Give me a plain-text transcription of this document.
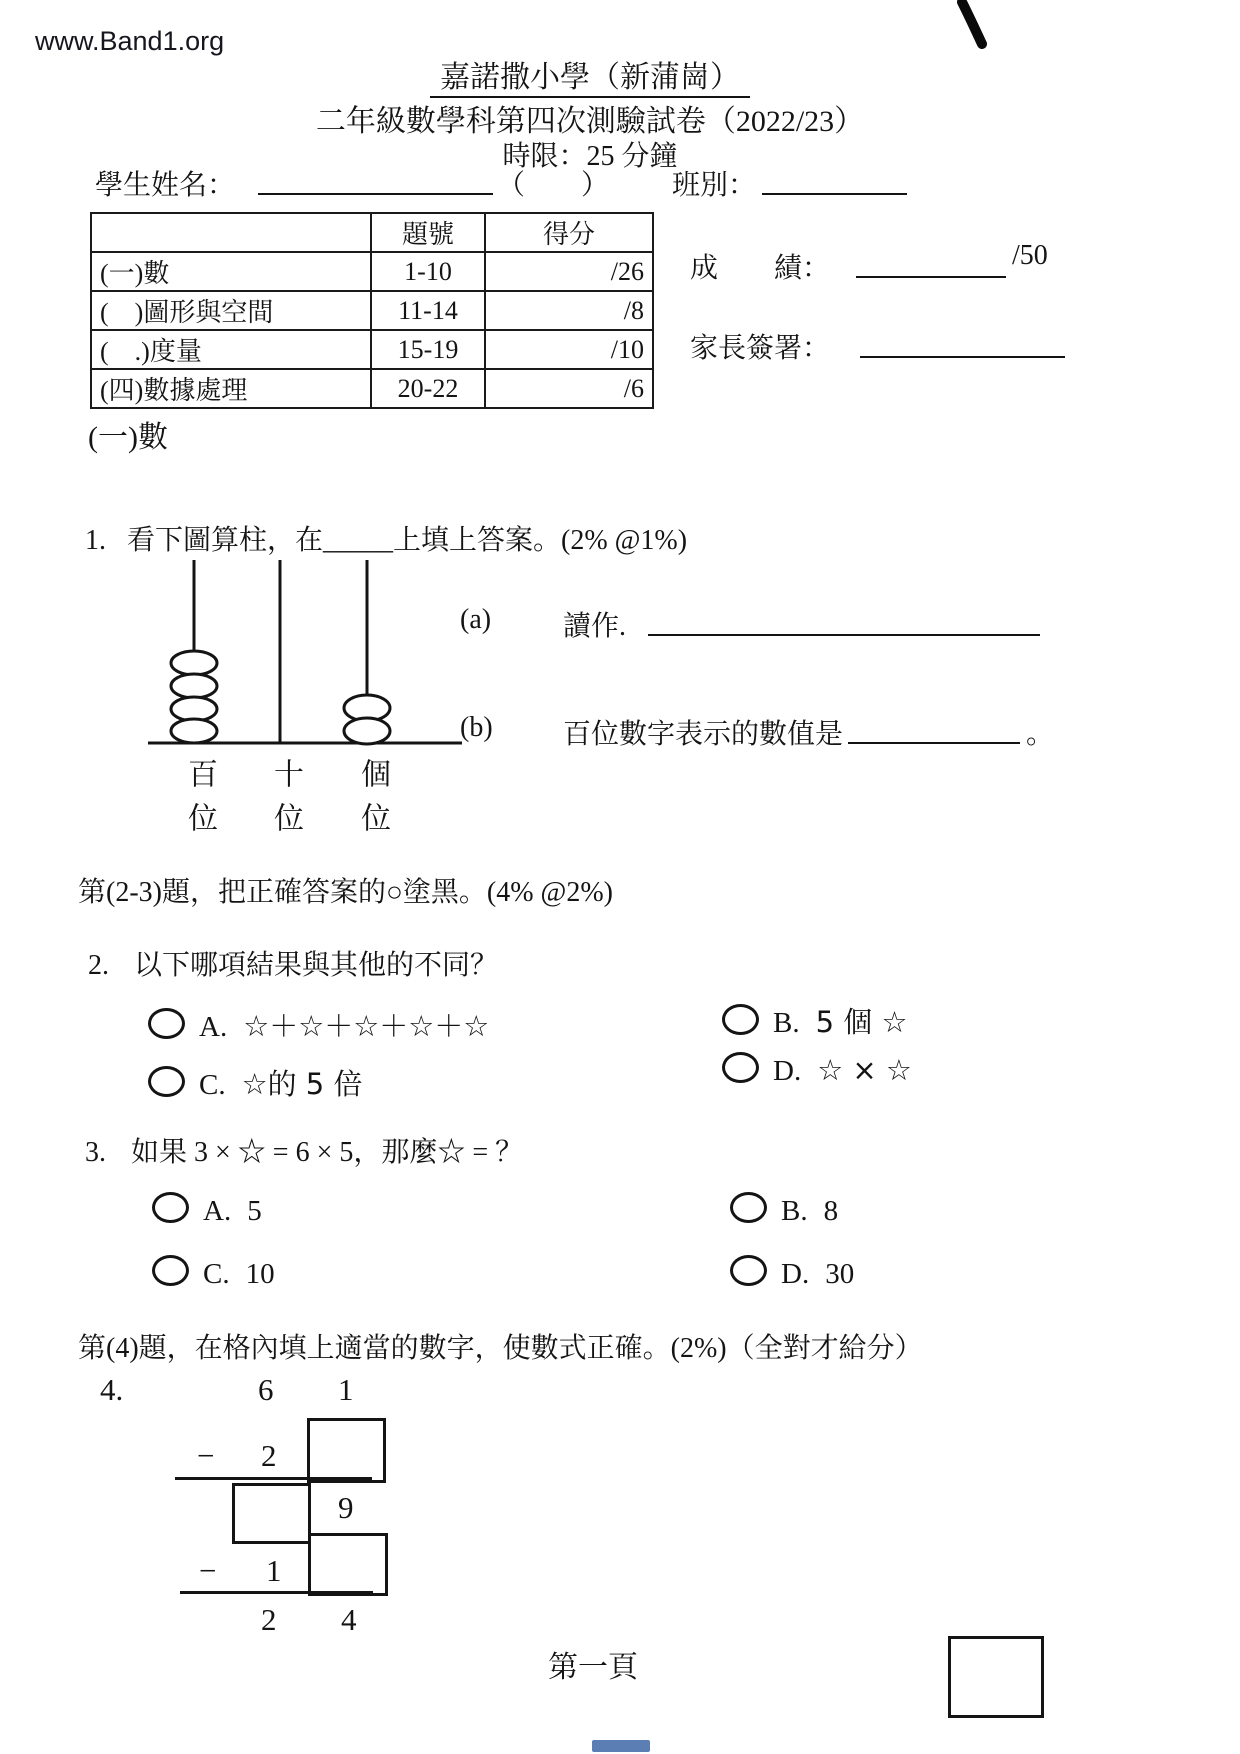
www.Band1.org
嘉諾撒小學（新蒲崗）
二年級數學科第四次測驗試卷（2022/23）
時限：25 分鐘
學生姓名：	（　　） 班別：
	題號	得分
(一)數	1-10	/26
(　)圖形與空間	11-14	/8
(　.)度量	15-19	/10
(四)數據處理	20-22	/6
成　　績：	/50
家長簽署：
(一)數
1. 看下圖算柱，在_____上填上答案。(2% @1%)
百位 十位 個位
(a)	讀作.
(b)	百位數字表示的數值是	。
第(2-3)題，把正確答案的○塗黑。(4% @2%)
2. 以下哪項結果與其他的不同？
A. ☆＋☆＋☆＋☆＋☆	B. 5 個 ☆
C. ☆的 5 倍	D. ☆ × ☆
3. 如果 3 × ☆ = 6 × 5，那麼☆ = ？
A. 5	B. 8
C. 10	D. 30
第(4)題，在格內填上適當的數字，使數式正確。(2%)（全對才給分）
4.	6 1
− 2
9
− 1
2 4
第一頁
